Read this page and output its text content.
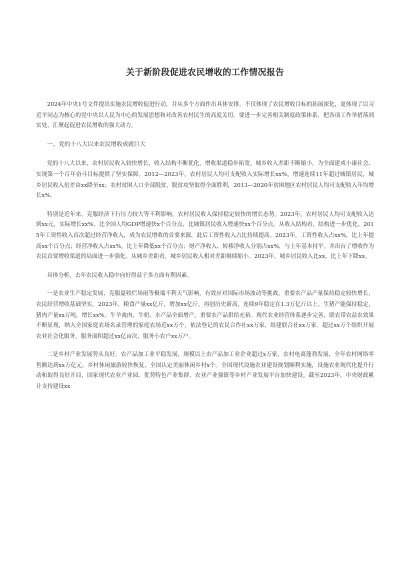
关于新阶段促进农民增收的工作情况报告

2024年中央1号文件提出实施农民增收促进行动，并从多个方面作出具体安排，不仅体现了农民增收目标的拓展深化，更体现了以习近平同志为核心的党中央以人民为中心的发展思想和对改善农村民生的高度关切。要进一步完善相关制度政策体系，把各项工作举措落到实处，汇聚起促进农民增收的强大动力。

一、党的十八大以来农民增收成就巨大

党的十八大以来，农村居民收入较快增长，收入结构不断优化，增收渠道稳步拓宽，城乡收入差距不断缩小，为全面建成小康社会、实现第一个百年奋斗目标提供了坚实保障。2012—2023年，农村居民人均可支配收入实际增长xx%，增速连续11年超过城镇居民，城乡居民收入倍差由xx降至xx；农村贫困人口全部脱贫，脱贫攻坚取得全面胜利，2013—2020年贫困地区农村居民人均可支配收入年均增长x%。

特别是近年来，克服经济下行压力较大等不利影响，农村居民收入保持稳定较快的增长态势。2023年，农村居民人均可支配收入达到xx元，实际增长xx%，比全国人均GDP增速快x个百分点，比城镇居民收入增速快xx个百分点。从收入结构看，结构进一步优化。2015年工资性收入首次超过经营净收入，成为农民增收的首要来源，此后工资性收入占比持续提高。2023年，工资性收入占xx%，比上年提高xx个百分点；经营净收入占xx%，比上年降低xx个百分点；财产净收入、转移净收入分别占xx%，与上年基本持平。并出台了增收作为农民首要增收渠道的局面进一步强化。从城乡差距看，城乡居民收入相对差距继续缩小。2023年，城乡居民收入比xx，比上年下降xx。

具体分析，去年农民收入稳中向好得益于多方面有利因素。

一是农业生产稳定发展，克服夏收烂场雨等极端不利天气影响，有效应对国际市场波动等挑战，重要农产品产量保持稳定较快增长，农民经营增收基础坚实。2023年，粮食产量xx亿斤，增加xx亿斤，再创历史新高，连续9年稳定在1.3万亿斤以上。生猪产能保持稳定，猪肉产量xx万吨，增长xx%。牛羊禽肉、牛奶、水产品全面增产，重要农产品供给充裕。现代农业经营体系逐步完善，联农带农益农效果不断显现，纳入全国家庭农场名录管理的家庭农场近xx万个，依法登记的农民合作社xx万家，组建联合社xx万家。超过xx万个组织开展农业社会化服务，服务面积超过xx亿亩次，服务小农户xx万户。

二是乡村产业发展势头良好。农产品加工业平稳发展，规模以上农产品加工业企业超过x万家，农村电商蓬勃发展，全年农村网络零售额达到xx万亿元。乡村休闲旅游较快恢复，全国认定美丽休闲乡村x个。全国现代设施农业建设规划顺利实施，设施农业现代化提升行动和取得良好开局，国家现代农业产业园、优势特色产业集群、农业产业强镇等乡村产业发展平台加快建设。截至2023年，中央财政累计支持建设xx
